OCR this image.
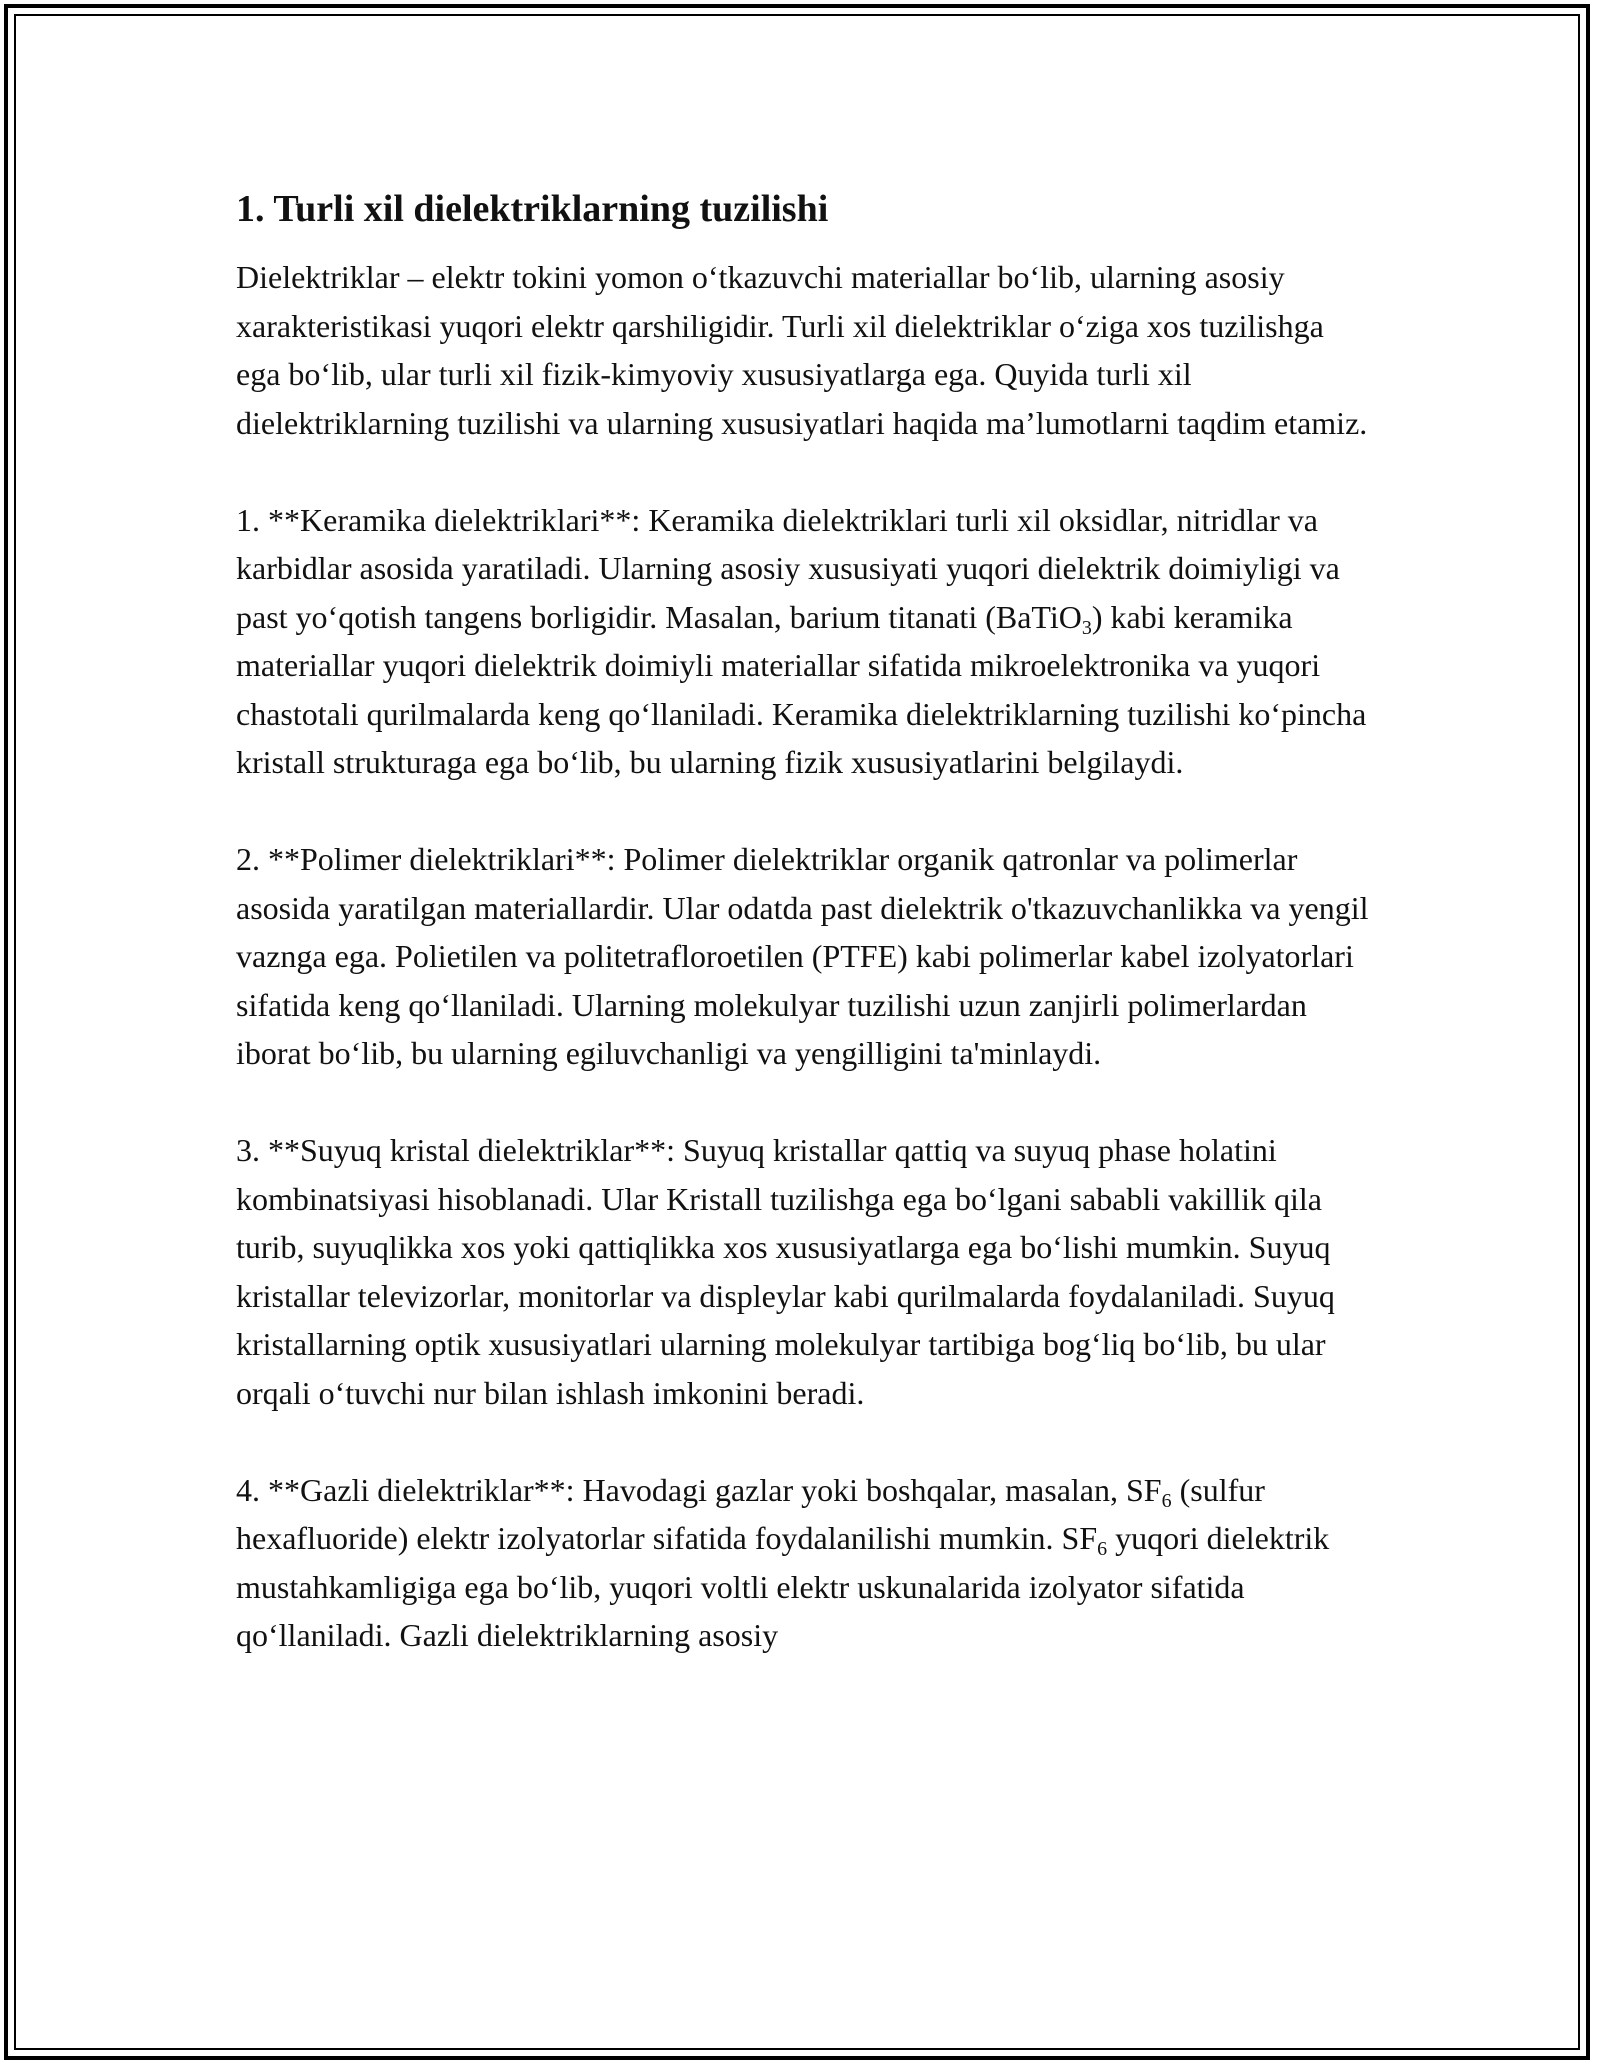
1. Turli xil dielektriklarning tuzilishi

Dielektriklar – elektr tokini yomon o‘tkazuvchi materiallar bo‘lib, ularning asosiy xarakteristikasi yuqori elektr qarshiligidir. Turli xil dielektriklar o‘ziga xos tuzilishga ega bo‘lib, ular turli xil fizik-kimyoviy xususiyatlarga ega. Quyida turli xil dielektriklarning tuzilishi va ularning xususiyatlari haqida ma’lumotlarni taqdim etamiz.

1. **Keramika dielektriklari**: Keramika dielektriklari turli xil oksidlar, nitridlar va karbidlar asosida yaratiladi. Ularning asosiy xususiyati yuqori dielektrik doimiyligi va past yo‘qotish tangens borligidir. Masalan, barium titanati (BaTiO$_3$) kabi keramika materiallar yuqori dielektrik doimiyli materiallar sifatida mikroelektronika va yuqori chastotali qurilmalarda keng qo‘llaniladi. Keramika dielektriklarning tuzilishi ko‘pincha kristall strukturaga ega bo‘lib, bu ularning fizik xususiyatlarini belgilaydi.

2. **Polimer dielektriklari**: Polimer dielektriklar organik qatronlar va polimerlar asosida yaratilgan materiallardir. Ular odatda past dielektrik o'tkazuvchanlikka va yengil vaznga ega. Polietilen va politetrafloroetilen (PTFE) kabi polimerlar kabel izolyatorlari sifatida keng qo‘llaniladi. Ularning molekulyar tuzilishi uzun zanjirli polimerlardan iborat bo‘lib, bu ularning egiluvchanligi va yengilligini ta'minlaydi.

3. **Suyuq kristal dielektriklar**: Suyuq kristallar qattiq va suyuq phase holatini kombinatsiyasi hisoblanadi. Ular Kristall tuzilishga ega bo‘lgani sababli vakillik qila turib, suyuqlikka xos yoki qattiqlikka xos xususiyatlarga ega bo‘lishi mumkin. Suyuq kristallar televizorlar, monitorlar va displeylar kabi qurilmalarda foydalaniladi. Suyuq kristallarning optik xususiyatlari ularning molekulyar tartibiga bog‘liq bo‘lib, bu ular orqali o‘tuvchi nur bilan ishlash imkonini beradi.

4. **Gazli dielektriklar**: Havodagi gazlar yoki boshqalar, masalan, $SF_6$ (sulfur hexafluoride) elektr izolyatorlar sifatida foydalanilishi mumkin. $SF_6$ yuqori dielektrik mustahkamligiga ega bo‘lib, yuqori voltli elektr uskunalarida izolyator sifatida qo‘llaniladi. Gazli dielektriklarning asosiy
